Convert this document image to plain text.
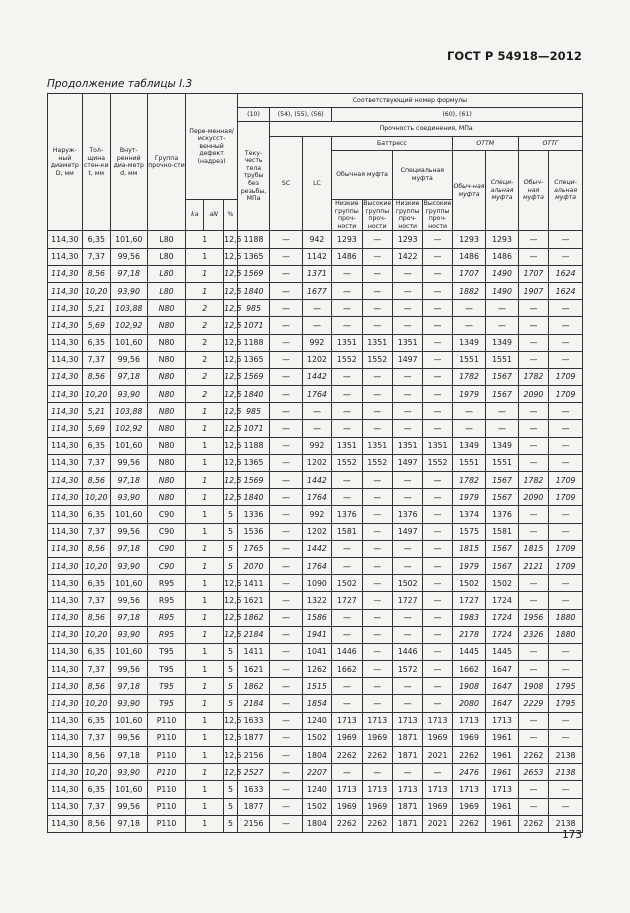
ГОСТ Р 54918—2012
Продолжение таблицы I.3
Наруж-ный диаметр D, мм	Тол-щина стен-ки t, мм	Внут-ренний диа-метр d, мм	Группа прочно-сти	Пере-менная/ искусст-венный дефект (надрез)			Соответствующий номер формулы										
							(10)	(54), (55), (56)		(60), (61)							
							Теку-честь тела трубы без резьбы, МПа	Прочность соединения, МПа									
								SC	LC	Баттресс				ОТТМ		ОТТГ	
										Обычная муфта		Специальная муфта		Обыч-ная муфта	Специ-альная муфта	Обыч-ная муфта	Специ-альная муфта
				ka	aN	%				Низкие группы проч-ности	Высокие группы проч-ности	Низкие группы проч-ности	Высокие группы проч-ности				
114,30	6,35	101,60	L80	1		12,5	1188	—	942	1293	—	1293	—	1293	1293	—	—
114,30	7,37	99,56	L80	1		12,5	1365	—	1142	1486	—	1422	—	1486	1486	—	—
114,30	8,56	97,18	L80	1		12,5	1569	—	1371	—	—	—	—	1707	1490	1707	1624
114,30	10,20	93,90	L80	1		12,5	1840	—	1677	—	—	—	—	1882	1490	1907	1624
114,30	5,21	103,88	N80	2		12,5	985	—	—	—	—	—	—	—	—	—	—
114,30	5,69	102,92	N80	2		12,5	1071	—	—	—	—	—	—	—	—	—	—
114,30	6,35	101,60	N80	2		12,5	1188	—	992	1351	1351	1351	—	1349	1349	—	—
114,30	7,37	99,56	N80	2		12,5	1365	—	1202	1552	1552	1497	—	1551	1551	—	—
114,30	8,56	97,18	N80	2		12,5	1569	—	1442	—	—	—	—	1782	1567	1782	1709
114,30	10,20	93,90	N80	2		12,5	1840	—	1764	—	—	—	—	1979	1567	2090	1709
114,30	5,21	103,88	N80	1		12,5	985	—	—	—	—	—	—	—	—	—	—
114,30	5,69	102,92	N80	1		12,5	1071	—	—	—	—	—	—	—	—	—	—
114,30	6,35	101,60	N80	1		12,5	1188	—	992	1351	1351	1351	1351	1349	1349	—	—
114,30	7,37	99,56	N80	1		12,5	1365	—	1202	1552	1552	1497	1552	1551	1551	—	—
114,30	8,56	97,18	N80	1		12,5	1569	—	1442	—	—	—	—	1782	1567	1782	1709
114,30	10,20	93,90	N80	1		12,5	1840	—	1764	—	—	—	—	1979	1567	2090	1709
114,30	6,35	101,60	C90	1		5	1336	—	992	1376	—	1376	—	1374	1376	—	—
114,30	7,37	99,56	C90	1		5	1536	—	1202	1581	—	1497	—	1575	1581	—	—
114,30	8,56	97,18	C90	1		5	1765	—	1442	—	—	—	—	1815	1567	1815	1709
114,30	10,20	93,90	C90	1		5	2070	—	1764	—	—	—	—	1979	1567	2121	1709
114,30	6,35	101,60	R95	1		12,5	1411	—	1090	1502	—	1502	—	1502	1502	—	—
114,30	7,37	99,56	R95	1		12,5	1621	—	1322	1727	—	1727	—	1727	1724	—	—
114,30	8,56	97,18	R95	1		12,5	1862	—	1586	—	—	—	—	1983	1724	1956	1880
114,30	10,20	93,90	R95	1		12,5	2184	—	1941	—	—	—	—	2178	1724	2326	1880
114,30	6,35	101,60	T95	1		5	1411	—	1041	1446	—	1446	—	1445	1445	—	—
114,30	7,37	99,56	T95	1		5	1621	—	1262	1662	—	1572	—	1662	1647	—	—
114,30	8,56	97,18	T95	1		5	1862	—	1515	—	—	—	—	1908	1647	1908	1795
114,30	10,20	93,90	T95	1		5	2184	—	1854	—	—	—	—	2080	1647	2229	1795
114,30	6,35	101,60	P110	1		12,5	1633	—	1240	1713	1713	1713	1713	1713	1713	—	—
114,30	7,37	99,56	P110	1		12,5	1877	—	1502	1969	1969	1871	1969	1969	1961	—	—
114,30	8,56	97,18	P110	1		12,5	2156	—	1804	2262	2262	1871	2021	2262	1961	2262	2138
114,30	10,20	93,90	P110	1		12,5	2527	—	2207	—	—	—	—	2476	1961	2653	2138
114,30	6,35	101,60	P110	1		5	1633	—	1240	1713	1713	1713	1713	1713	1713	—	—
114,30	7,37	99,56	P110	1		5	1877	—	1502	1969	1969	1871	1969	1969	1961	—	—
114,30	8,56	97,18	P110	1		5	2156	—	1804	2262	2262	1871	2021	2262	1961	2262	2138
173
